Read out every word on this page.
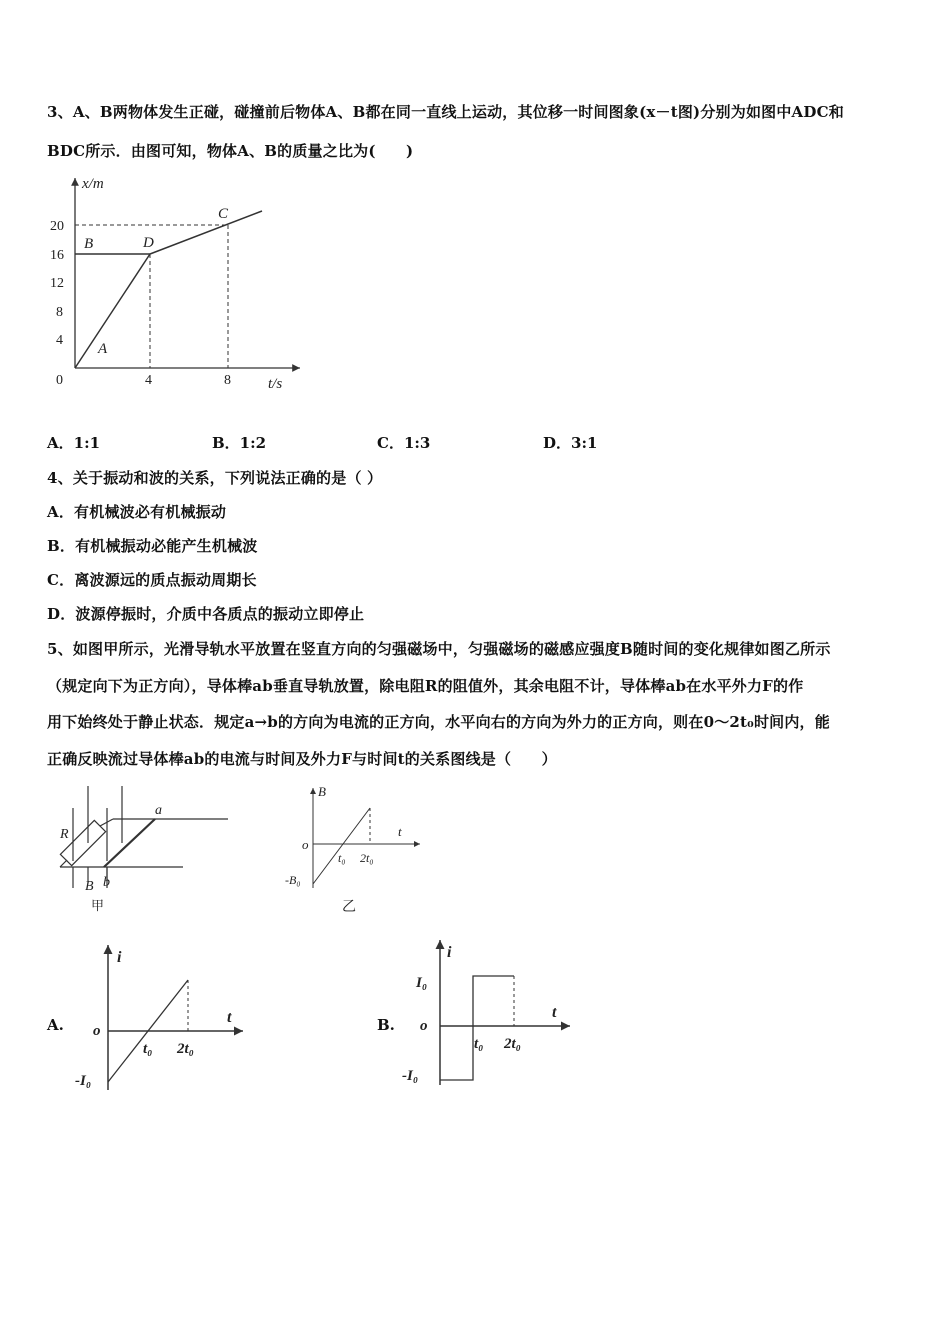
3、A、B两物体发生正碰，碰撞前后物体A、B都在同一直线上运动，其位移一时间图象(x－t图)分别为如图中ADC和
BDC所示．由图可知，物体A、B的质量之比为(　　)
x/m
t/s
20
16
12
8
4
0	4	8
A
B
C
D
A．1:1	B．1:2	C．1:3	D．3:1
4、关于振动和波的关系，下列说法正确的是（ ）
A．有机械波必有机械振动
B．有机械振动必能产生机械波
C．离波源远的质点振动周期长
D．波源停振时，介质中各质点的振动立即停止
5、如图甲所示，光滑导轨水平放置在竖直方向的匀强磁场中，匀强磁场的磁感应强度B随时间的变化规律如图乙所示
（规定向下为正方向），导体棒ab垂直导轨放置，除电阻R的阻值外，其余电阻不计，导体棒ab在水平外力F的作
用下始终处于静止状态．规定a→b的方向为电流的正方向，水平向右的方向为外力的正方向，则在0～2t₀时间内，能
正确反映流过导体棒ab的电流与时间及外力F与时间t的关系图线是（　　）
R
a
b
B
甲
B
t
o
t₀ 2t₀
-B₀
乙
A.
i
t
o
t₀ 2t₀
-I₀
B.
i
t
o
I₀
t₀ 2t₀
-I₀
